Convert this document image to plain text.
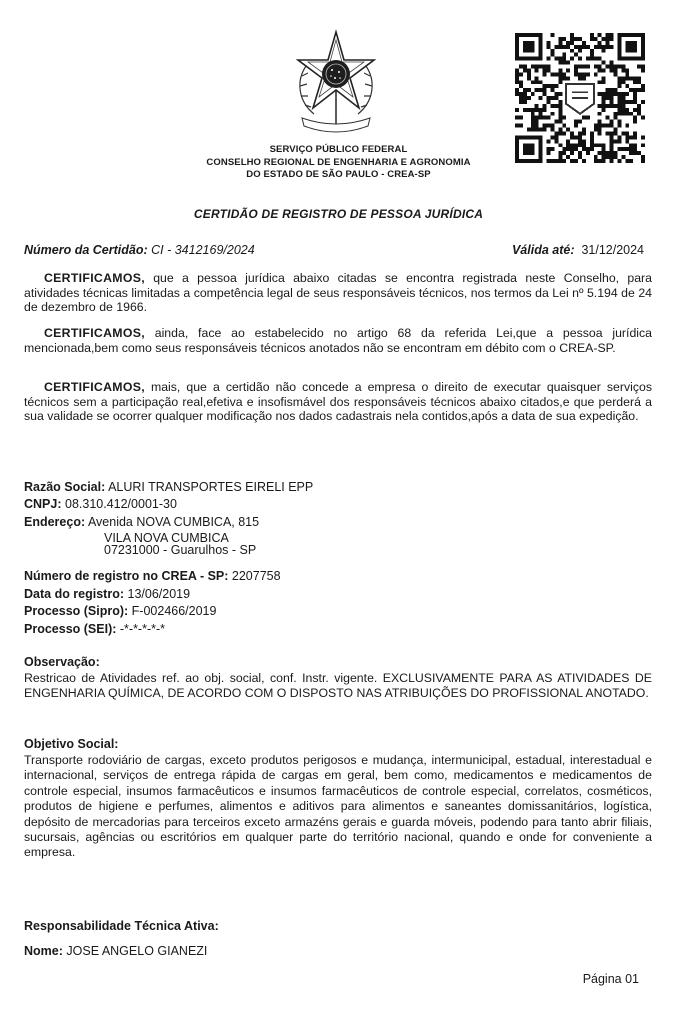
SERVIÇO PÚBLICO FEDERAL
CONSELHO REGIONAL DE ENGENHARIA E AGRONOMIA
DO ESTADO DE SÃO PAULO - CREA-SP
CERTIDÃO DE REGISTRO DE PESSOA JURÍDICA
Número da Certidão: CI - 3412169/2024	Válida até: 31/12/2024
CERTIFICAMOS, que a pessoa jurídica abaixo citadas se encontra registrada neste Conselho, para atividades técnicas limitadas a competência legal de seus responsáveis técnicos, nos termos da Lei nº 5.194 de 24 de dezembro de 1966.
CERTIFICAMOS, ainda, face ao estabelecido no artigo 68 da referida Lei,que a pessoa jurídica mencionada,bem como seus responsáveis técnicos anotados não se encontram em débito com o CREA-SP.
CERTIFICAMOS, mais, que a certidão não concede a empresa o direito de executar quaisquer serviços técnicos sem a participação real,efetiva e insofismável dos responsáveis técnicos abaixo citados,e que perderá a sua validade se ocorrer qualquer modificação nos dados cadastrais nela contidos,após a data de sua expedição.
Razão Social: ALURI TRANSPORTES EIRELI EPP
CNPJ: 08.310.412/0001-30
Endereço: Avenida NOVA CUMBICA, 815
VILA NOVA CUMBICA
07231000 - Guarulhos - SP
Número de registro no CREA - SP: 2207758
Data do registro: 13/06/2019
Processo (Sipro): F-002466/2019
Processo (SEI): -*-*-*-*-*
Observação:
Restricao de Atividades ref. ao obj. social, conf. Instr. vigente. EXCLUSIVAMENTE PARA AS ATIVIDADES DE ENGENHARIA QUÍMICA, DE ACORDO COM O DISPOSTO NAS ATRIBUIÇÕES DO PROFISSIONAL ANOTADO.
Objetivo Social:
Transporte rodoviário de cargas, exceto produtos perigosos e mudança, intermunicipal, estadual, interestadual e internacional, serviços de entrega rápida de cargas em geral, bem como, medicamentos e medicamentos de controle especial, insumos farmacêuticos e insumos farmacêuticos de controle especial, correlatos, cosméticos, produtos de higiene e perfumes, alimentos e aditivos para alimentos e saneantes domissanitários, logística, depósito de mercadorias para terceiros exceto armazéns gerais e guarda móveis, podendo para tanto abrir filiais, sucursais, agências ou escritórios em qualquer parte do território nacional, quando e onde for conveniente a empresa.
Responsabilidade Técnica Ativa:
Nome: JOSE ANGELO GIANEZI
Página 01
